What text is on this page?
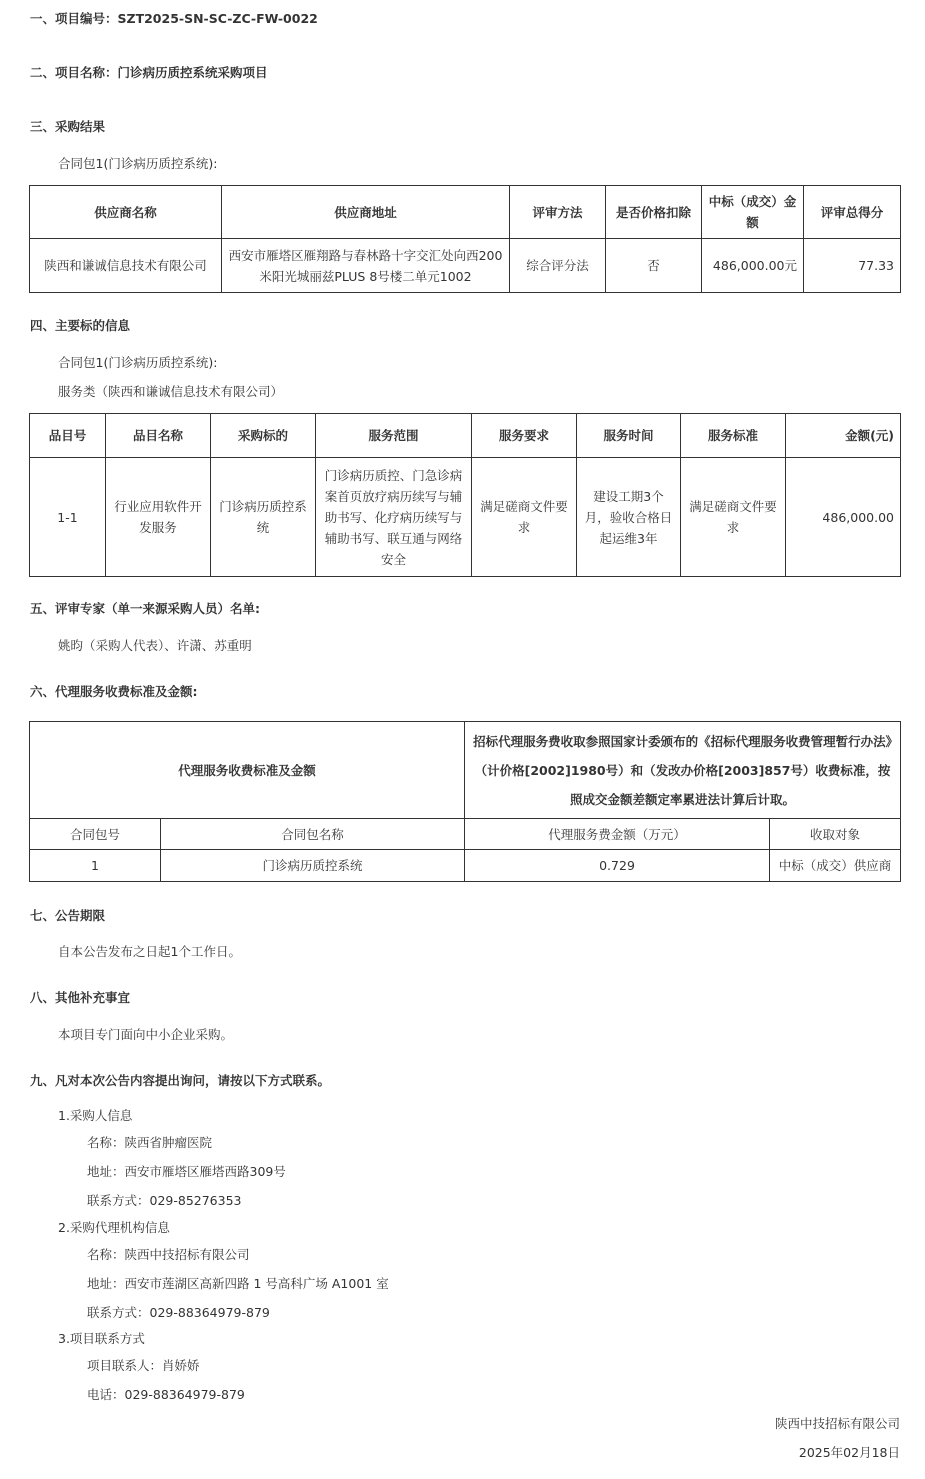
一、项目编号：SZT2025-SN-SC-ZC-FW-0022
二、项目名称：门诊病历质控系统采购项目
三、采购结果
合同包1(门诊病历质控系统):
供应商名称	供应商地址	评审方法	是否价格扣除	中标（成交）金额	评审总得分
陕西和谦诚信息技术有限公司	西安市雁塔区雁翔路与春林路十字交汇处向西200米阳光城丽兹PLUS 8号楼二单元1002	综合评分法	否	486,000.00元	77.33
四、主要标的信息
合同包1(门诊病历质控系统):
服务类（陕西和谦诚信息技术有限公司）
品目号	品目名称	采购标的	服务范围	服务要求	服务时间	服务标准	金额(元)
1-1	行业应用软件开发服务	门诊病历质控系统	门诊病历质控、门急诊病案首页放疗病历续写与辅助书写、化疗病历续写与辅助书写、联互通与网络安全	满足磋商文件要求	建设工期3个月，验收合格日起运维3年	满足磋商文件要求	486,000.00
五、评审专家（单一来源采购人员）名单:
姚昀（采购人代表）、许潇、苏重明
六、代理服务收费标准及金额:
代理服务收费标准及金额		招标代理服务费收取参照国家计委颁布的《招标代理服务收费管理暂行办法》（计价格[2002]1980号）和（发改办价格[2003]857号）收费标准，按照成交金额差额定率累进法计算后计取。	
合同包号	合同包名称	代理服务费金额（万元）	收取对象
1	门诊病历质控系统	0.729	中标（成交）供应商
七、公告期限
自本公告发布之日起1个工作日。
八、其他补充事宜
本项目专门面向中小企业采购。
九、凡对本次公告内容提出询问，请按以下方式联系。
1.采购人信息
名称：陕西省肿瘤医院
地址：西安市雁塔区雁塔西路309号
联系方式：029-85276353
2.采购代理机构信息
名称：陕西中技招标有限公司
地址：西安市莲湖区高新四路 1 号高科广场 A1001 室
联系方式：029-88364979-879
3.项目联系方式
项目联系人：肖娇娇
电话：029-88364979-879
陕西中技招标有限公司
2025年02月18日
